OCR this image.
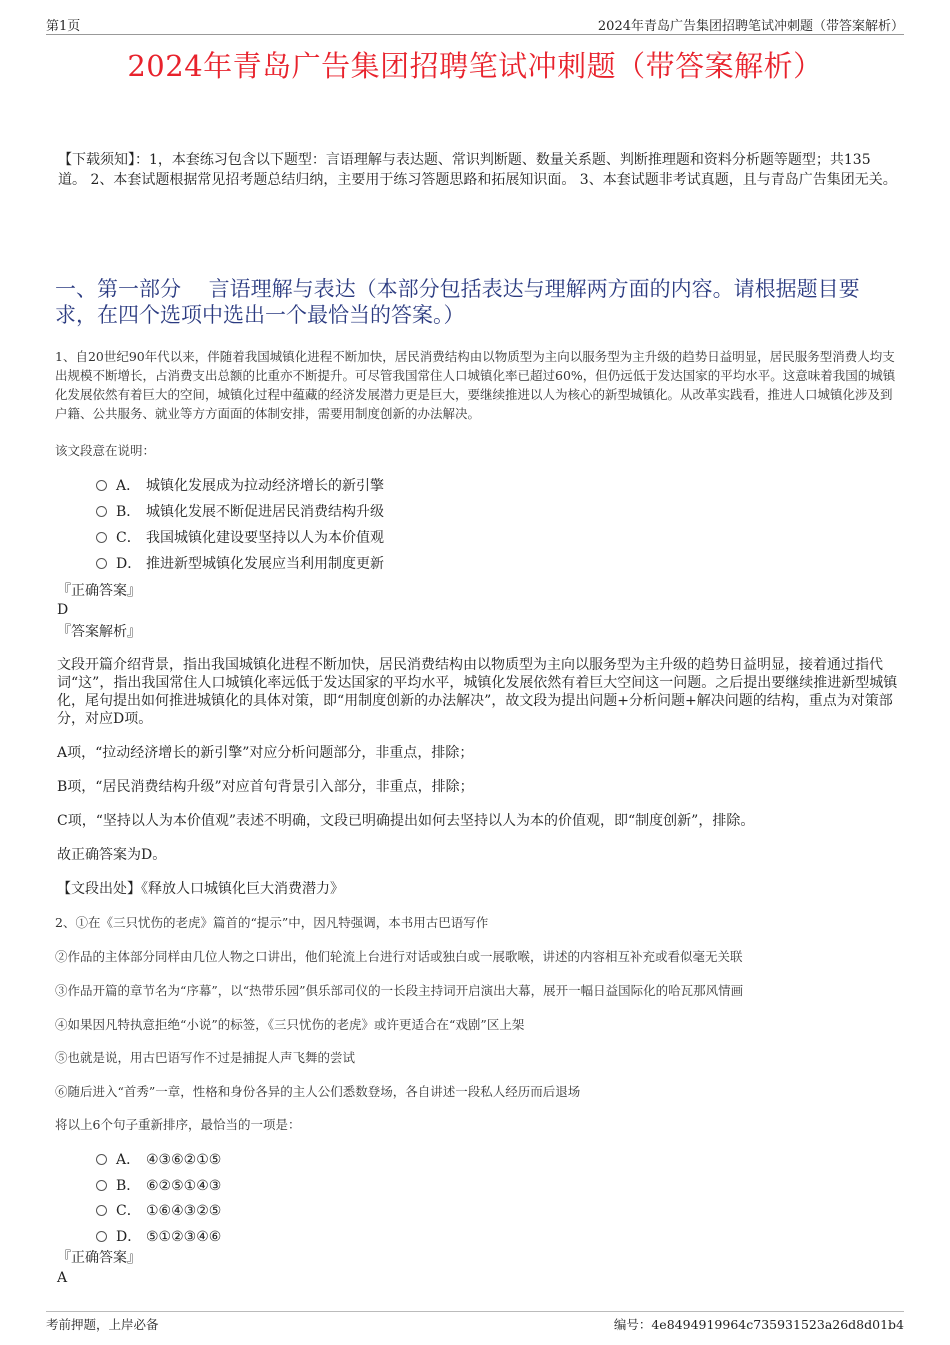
第1页	2024年青岛广告集团招聘笔试冲刺题（带答案解析）
2024年青岛广告集团招聘笔试冲刺题（带答案解析）
【下载须知】：1，本套练习包含以下题型：言语理解与表达题、常识判断题、数量关系题、判断推理题和资料分析题等题型；共135道。 2、本套试题根据常见招考题总结归纳，主要用于练习答题思路和拓展知识面。 3、本套试题非考试真题，且与青岛广告集团无关。
一、第一部分　 言语理解与表达（本部分包括表达与理解两方面的内容。请根据题目要求，在四个选项中选出一个最恰当的答案。）
1、自20世纪90年代以来，伴随着我国城镇化进程不断加快，居民消费结构由以物质型为主向以服务型为主升级的趋势日益明显，居民服务型消费人均支出规模不断增长，占消费支出总额的比重亦不断提升。可尽管我国常住人口城镇化率已超过60%，但仍远低于发达国家的平均水平。这意味着我国的城镇化发展依然有着巨大的空间，城镇化过程中蕴藏的经济发展潜力更是巨大，要继续推进以人为核心的新型城镇化。从改革实践看，推进人口城镇化涉及到户籍、公共服务、就业等方方面面的体制安排，需要用制度创新的办法解决。
该文段意在说明：
A． 城镇化发展成为拉动经济增长的新引擎
B． 城镇化发展不断促进居民消费结构升级
C． 我国城镇化建设要坚持以人为本价值观
D． 推进新型城镇化发展应当利用制度更新
『正确答案』
D
『答案解析』
文段开篇介绍背景，指出我国城镇化进程不断加快，居民消费结构由以物质型为主向以服务型为主升级的趋势日益明显，接着通过指代词“这”，指出我国常住人口城镇化率远低于发达国家的平均水平，城镇化发展依然有着巨大空间这一问题。之后提出要继续推进新型城镇化，尾句提出如何推进城镇化的具体对策，即“用制度创新的办法解决”，故文段为提出问题+分析问题+解决问题的结构，重点为对策部分，对应D项。
A项，“拉动经济增长的新引擎”对应分析问题部分，非重点，排除；
B项，“居民消费结构升级”对应首句背景引入部分，非重点，排除；
C项，“坚持以人为本价值观”表述不明确，文段已明确提出如何去坚持以人为本的价值观，即“制度创新”，排除。
故正确答案为D。
【文段出处】《释放人口城镇化巨大消费潜力》
2、①在《三只忧伤的老虎》篇首的“提示”中，因凡特强调，本书用古巴语写作
②作品的主体部分同样由几位人物之口讲出，他们轮流上台进行对话或独白或一展歌喉，讲述的内容相互补充或看似毫无关联
③作品开篇的章节名为“序幕”，以“热带乐园”俱乐部司仪的一长段主持词开启演出大幕，展开一幅日益国际化的哈瓦那风情画
④如果因凡特执意拒绝“小说”的标签，《三只忧伤的老虎》或许更适合在“戏剧”区上架
⑤也就是说，用古巴语写作不过是捕捉人声飞舞的尝试
⑥随后进入“首秀”一章，性格和身份各异的主人公们悉数登场，各自讲述一段私人经历而后退场
将以上6个句子重新排序，最恰当的一项是：
A． ④③⑥②①⑤
B． ⑥②⑤①④③
C． ①⑥④③②⑤
D． ⑤①②③④⑥
『正确答案』
A
考前押题，上岸必备	编号：4e8494919964c735931523a26d8d01b4
